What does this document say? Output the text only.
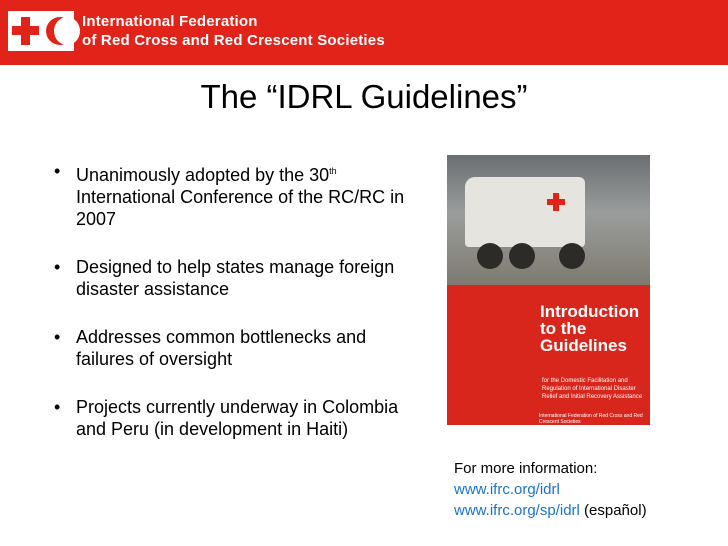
International Federation
of Red Cross and Red Crescent Societies
The “IDRL Guidelines”
• Unanimously adopted by the 30th International Conference of the RC/RC in 2007
• Designed to help states manage foreign disaster assistance
• Addresses common bottlenecks and failures of oversight
• Projects currently underway in Colombia and Peru (in development in Haiti)
Introduction
to the
Guidelines
for the Domestic Facilitation and Regulation of International Disaster Relief and Initial Recovery Assistance
International Federation of Red Cross and Red Crescent Societies
For more information:
www.ifrc.org/idrl
www.ifrc.org/sp/idrl (español)
